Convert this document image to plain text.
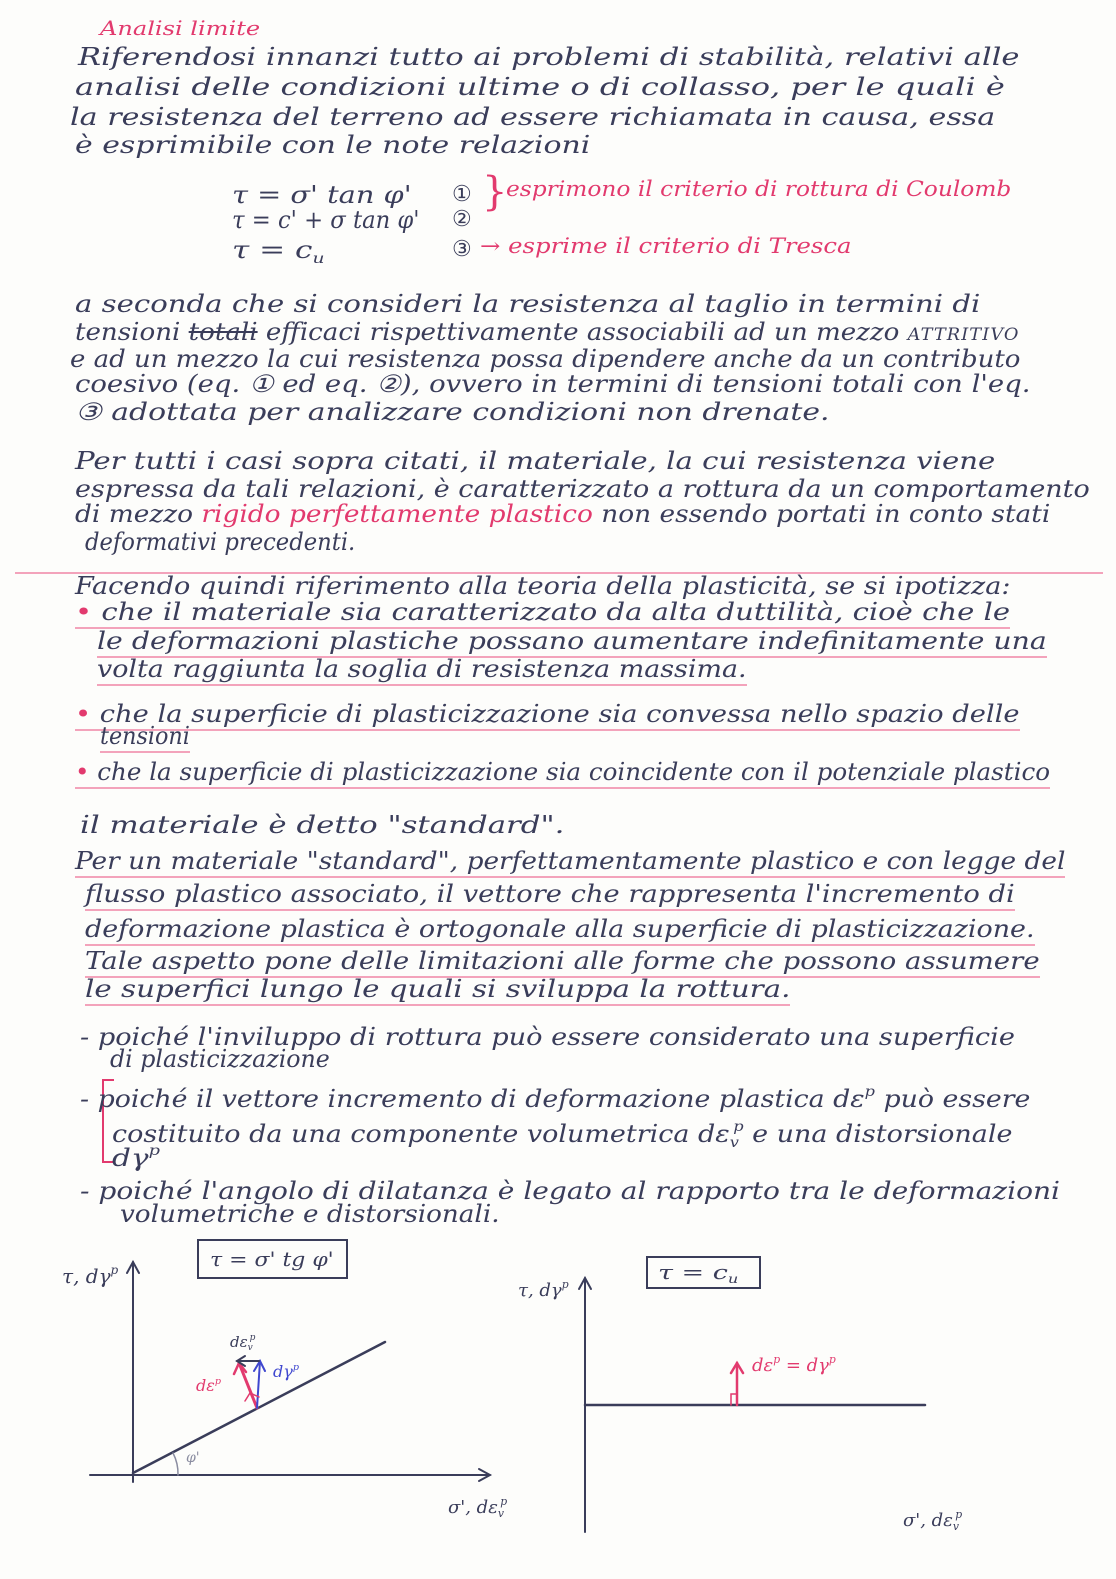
Analisi limite
τ = σ' tan φ' ①
τ = c' + σ tan φ' ②
$\tau = c_u$	③
}
esprimono il criterio di rottura di Coulomb
→ esprime il criterio di Tresca
τ, $d\gamma^p$	τ = σ' tg φ'
$d\varepsilon_v^p$
$d\varepsilon^p$
$d\gamma^p$
φ'
σ', $d\varepsilon_v^p$
τ, $d\gamma^p$
$\tau = c_u$
$d\varepsilon^p = d\gamma^p$
σ', $d\varepsilon_v^p$
Riferendosi innanzi tutto ai problemi di stabilità, relativi alle
analisi delle condizioni ultime o di collasso, per le quali è
la resistenza del terreno ad essere richiamata in causa, essa
è esprimibile con le note relazioni
a seconda che si consideri la resistenza al taglio in termini di
tensioni totali efficaci rispettivamente associabili ad un mezzo ATTRITIVO
e ad un mezzo la cui resistenza possa dipendere anche da un contributo
coesivo (eq. ① ed eq. ②), ovvero in termini di tensioni totali con l'eq.
③ adottata per analizzare condizioni non drenate.
Per tutti i casi sopra citati, il materiale, la cui resistenza viene
espressa da tali relazioni, è caratterizzato a rottura da un comportamento
di mezzo rigido perfettamente plastico non essendo portati in conto stati
deformativi precedenti.
Facendo quindi riferimento alla teoria della plasticità, se si ipotizza:
• che il materiale sia caratterizzato da alta duttilità, cioè che le
le deformazioni plastiche possano aumentare indefinitamente una
volta raggiunta la soglia di resistenza massima.
• che la superficie di plasticizzazione sia convessa nello spazio delle
tensioni
• che la superficie di plasticizzazione sia coincidente con il potenziale plastico
il materiale è detto "standard".
Per un materiale "standard", perfettamentamente plastico e con legge del
flusso plastico associato, il vettore che rappresenta l'incremento di
deformazione plastica è ortogonale alla superficie di plasticizzazione.
Tale aspetto pone delle limitazioni alle forme che possono assumere
le superfici lungo le quali si sviluppa la rottura.
- poiché l'inviluppo di rottura può essere considerato una superficie
di plasticizzazione
- poiché il vettore incremento di deformazione plastica $d\varepsilon^p$ può essere
costituito da una componente volumetrica $d\varepsilon_v^p$ e una distorsionale
$d\gamma^p$
- poiché l'angolo di dilatanza è legato al rapporto tra le deformazioni
volumetriche e distorsionali.
